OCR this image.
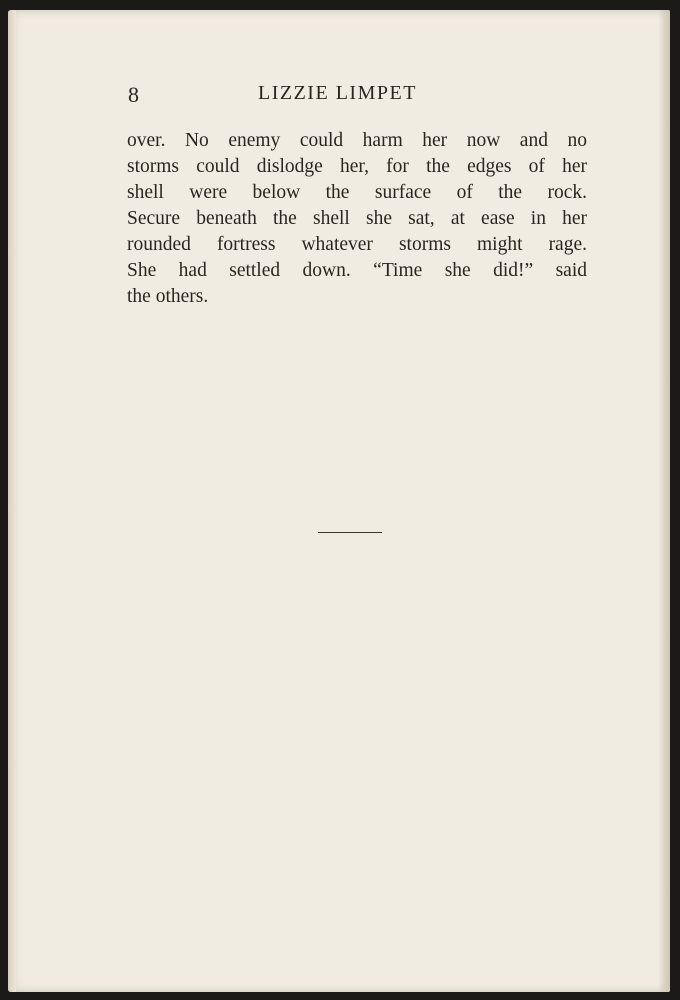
8	LIZZIE LIMPET
over. No enemy could harm her now and no
storms could dislodge her, for the edges of her
shell were below the surface of the rock.
Secure beneath the shell she sat, at ease in her
rounded fortress whatever storms might rage.
She had settled down. “Time she did!” said
the others.
